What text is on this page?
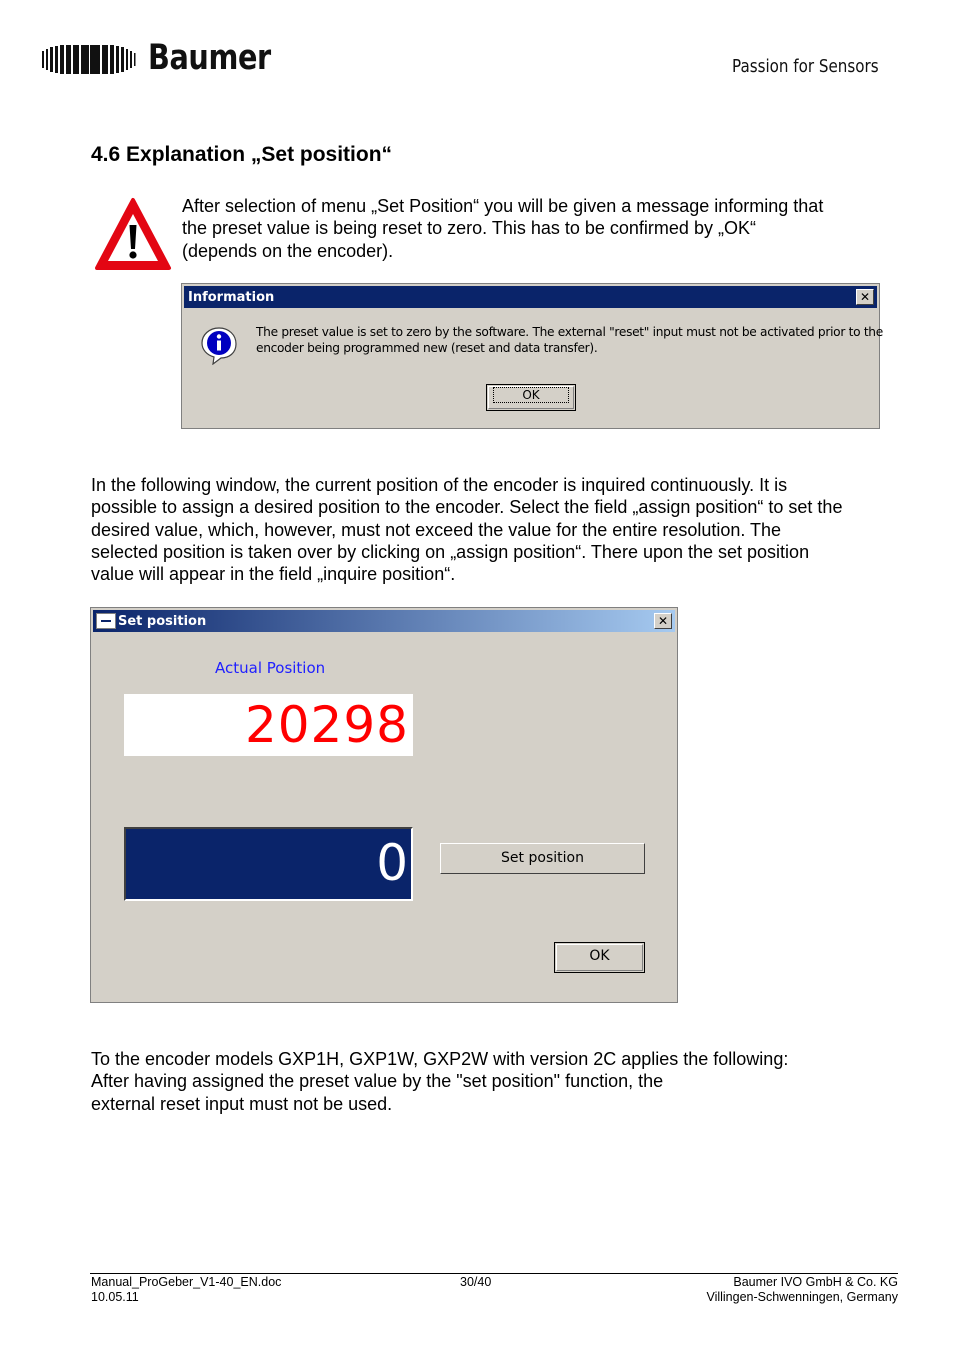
Baumer	Passion for Sensors
4.6 Explanation „Set position“
After selection of menu „Set Position“ you will be given a message informing that
the preset value is being reset to zero. This has to be confirmed by „OK“
(depends on the encoder).
Information	✕
The preset value is set to zero by the software. The external "reset" input must not be activated prior to the
encoder being programmed new (reset and data transfer).
OK
In the following window, the current position of the encoder is inquired continuously. It is
possible to assign a desired position to the encoder. Select the field „assign position“ to set the
desired value, which, however, must not exceed the value for the entire resolution. The
selected position is taken over by clicking on „assign position“. There upon the set position
value will appear in the field „inquire position“.
Set position	✕
Actual Position
20298
0	Set position
OK
To the encoder models GXP1H, GXP1W, GXP2W with version 2C applies the following:
After having assigned the preset value by the "set position" function, the
external reset input must not be used.
Manual_ProGeber_V1-40_EN.doc
10.05.11
30/40	Baumer IVO GmbH & Co. KG
Villingen-Schwenningen, Germany
